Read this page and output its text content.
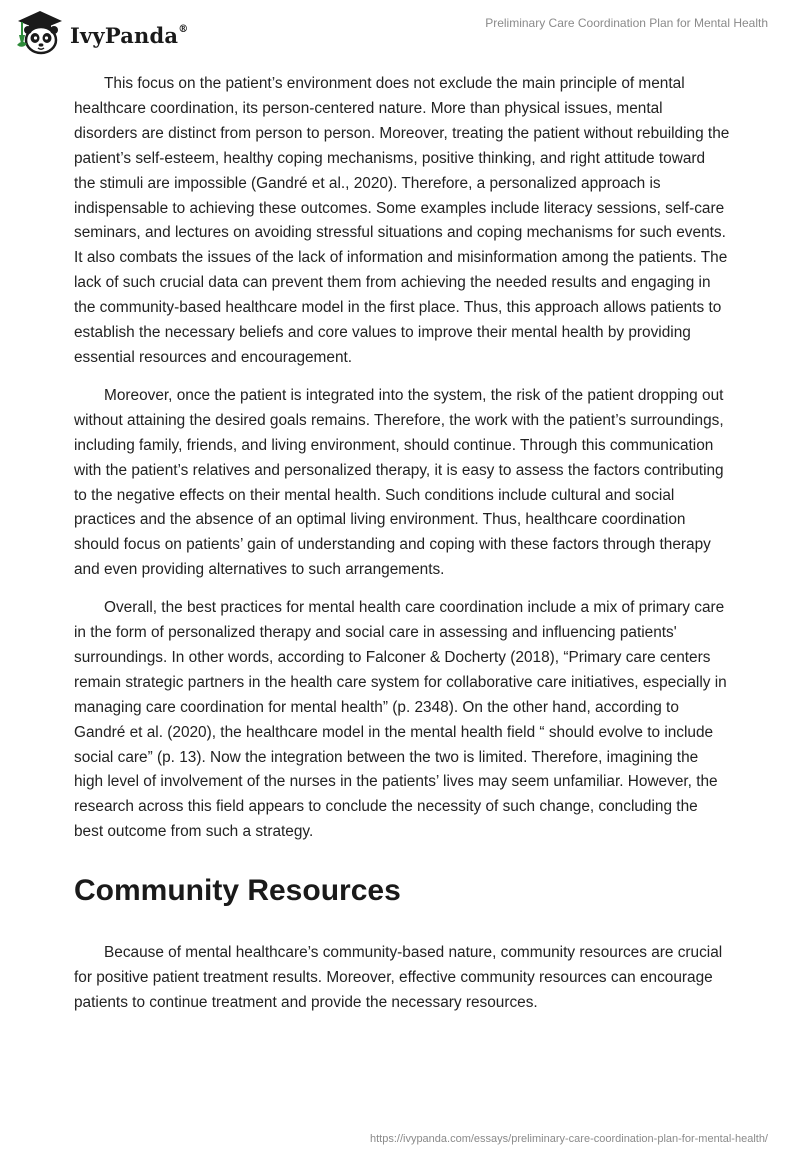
IvyPanda®	Preliminary Care Coordination Plan for Mental Health

This focus on the patient’s environment does not exclude the main principle of mental healthcare coordination, its person-centered nature. More than physical issues, mental disorders are distinct from person to person. Moreover, treating the patient without rebuilding the patient’s self-esteem, healthy coping mechanisms, positive thinking, and right attitude toward the stimuli are impossible (Gandré et al., 2020). Therefore, a personalized approach is indispensable to achieving these outcomes. Some examples include literacy sessions, self-care seminars, and lectures on avoiding stressful situations and coping mechanisms for such events. It also combats the issues of the lack of information and misinformation among the patients. The lack of such crucial data can prevent them from achieving the needed results and engaging in the community-based healthcare model in the first place. Thus, this approach allows patients to establish the necessary beliefs and core values to improve their mental health by providing essential resources and encouragement.

Moreover, once the patient is integrated into the system, the risk of the patient dropping out without attaining the desired goals remains. Therefore, the work with the patient’s surroundings, including family, friends, and living environment, should continue. Through this communication with the patient’s relatives and personalized therapy, it is easy to assess the factors contributing to the negative effects on their mental health. Such conditions include cultural and social practices and the absence of an optimal living environment. Thus, healthcare coordination should focus on patients’ gain of understanding and coping with these factors through therapy and even providing alternatives to such arrangements.

Overall, the best practices for mental health care coordination include a mix of primary care in the form of personalized therapy and social care in assessing and influencing patients' surroundings. In other words, according to Falconer & Docherty (2018), “Primary care centers remain strategic partners in the health care system for collaborative care initiatives, especially in managing care coordination for mental health” (p. 2348). On the other hand, according to Gandré et al. (2020), the healthcare model in the mental health field “ should evolve to include social care” (p. 13). Now the integration between the two is limited. Therefore, imagining the high level of involvement of the nurses in the patients’ lives may seem unfamiliar. However, the research across this field appears to conclude the necessity of such change, concluding the best outcome from such a strategy.

Community Resources

Because of mental healthcare’s community-based nature, community resources are crucial for positive patient treatment results. Moreover, effective community resources can encourage patients to continue treatment and provide the necessary resources.

https://ivypanda.com/essays/preliminary-care-coordination-plan-for-mental-health/
